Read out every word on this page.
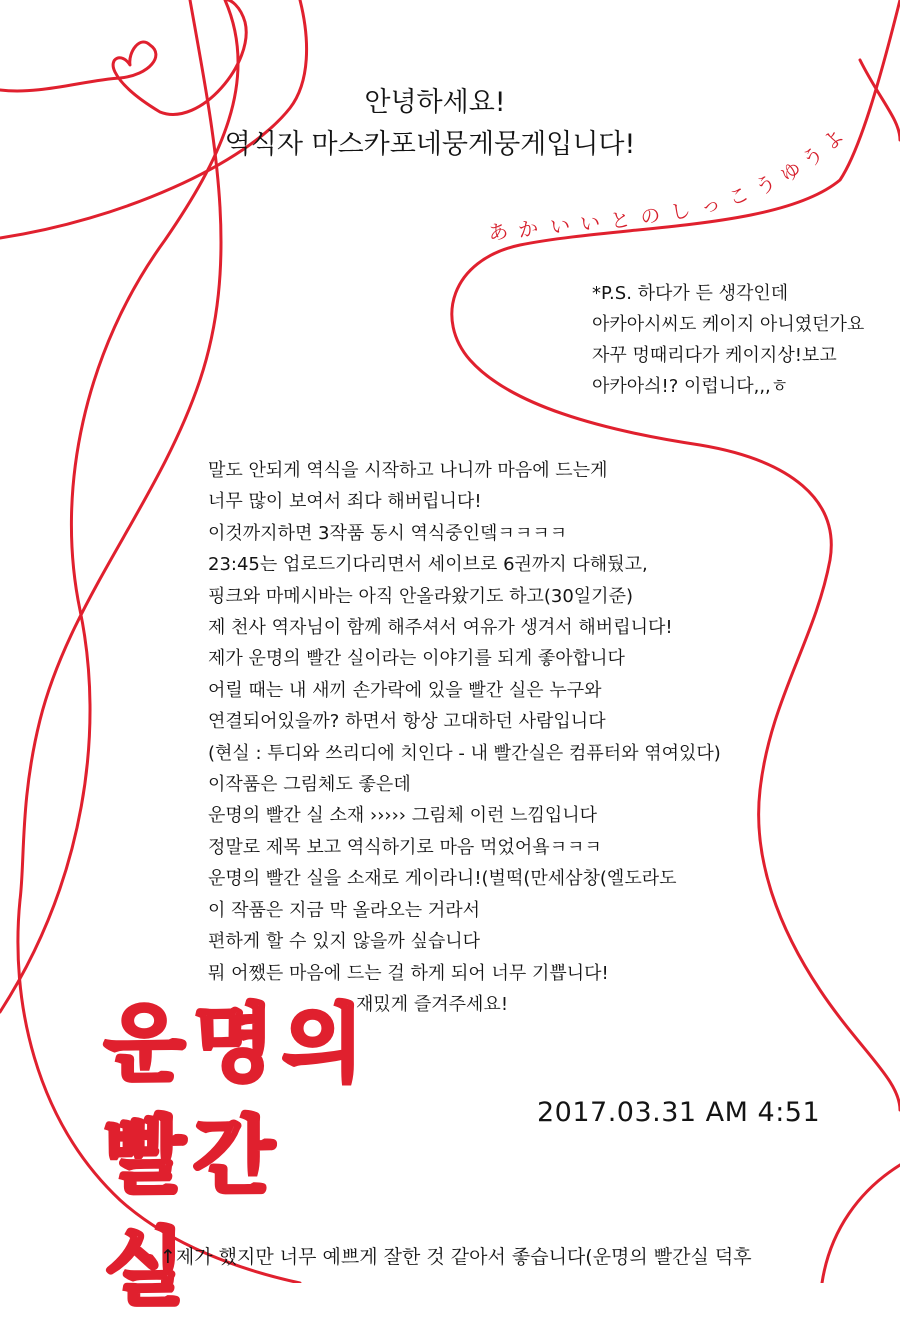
안녕하세요!
역식자 마스카포네뭉게뭉게입니다!
あ か い い と の し っ こ
う
ゆ
う
よ
*P.S. 하다가 든 생각인데
아카아시씨도 케이지 아니였던가요
자꾸 멍때리다가 케이지상!보고
아카아싀!? 이럽니다,,,ㅎ
말도 안되게 역식을 시작하고 나니까 마음에 드는게
너무 많이 보여서 죄다 해버립니다!
이것까지하면 3작품 동시 역식중인뎈ㅋㅋㅋㅋ
23:45는 업로드기다리면서 세이브로 6권까지 다해뒀고,
핑크와 마메시바는 아직 안올라왔기도 하고(30일기준)
제 천사 역자님이 함께 해주셔서 여유가 생겨서 해버립니다!
제가 운명의 빨간 실이라는 이야기를 되게 좋아합니다
어릴 때는 내 새끼 손가락에 있을 빨간 실은 누구와
연결되어있을까? 하면서 항상 고대하던 사람입니다
(현실 : 투디와 쓰리디에 치인다 - 내 빨간실은 컴퓨터와 엮여있다)
이작품은 그림체도 좋은데
운명의 빨간 실 소재 ››››› 그림체 이런 느낌입니다
정말로 제목 보고 역식하기로 마음 먹었어욬ㅋㅋㅋ
운명의 빨간 실을 소재로 게이라니!(벌떡(만세삼창(엘도라도
이 작품은 지금 막 올라오는 거라서
편하게 할 수 있지 않을까 싶습니다
뭐 어쨌든 마음에 드는 걸 하게 되어 너무 기쁩니다!
재밌게 즐겨주세요!
운명의
빨간 실
2017.03.31 AM 4:51
↑제가 했지만 너무 예쁘게 잘한 것 같아서 좋습니다(운명의 빨간실 덕후
